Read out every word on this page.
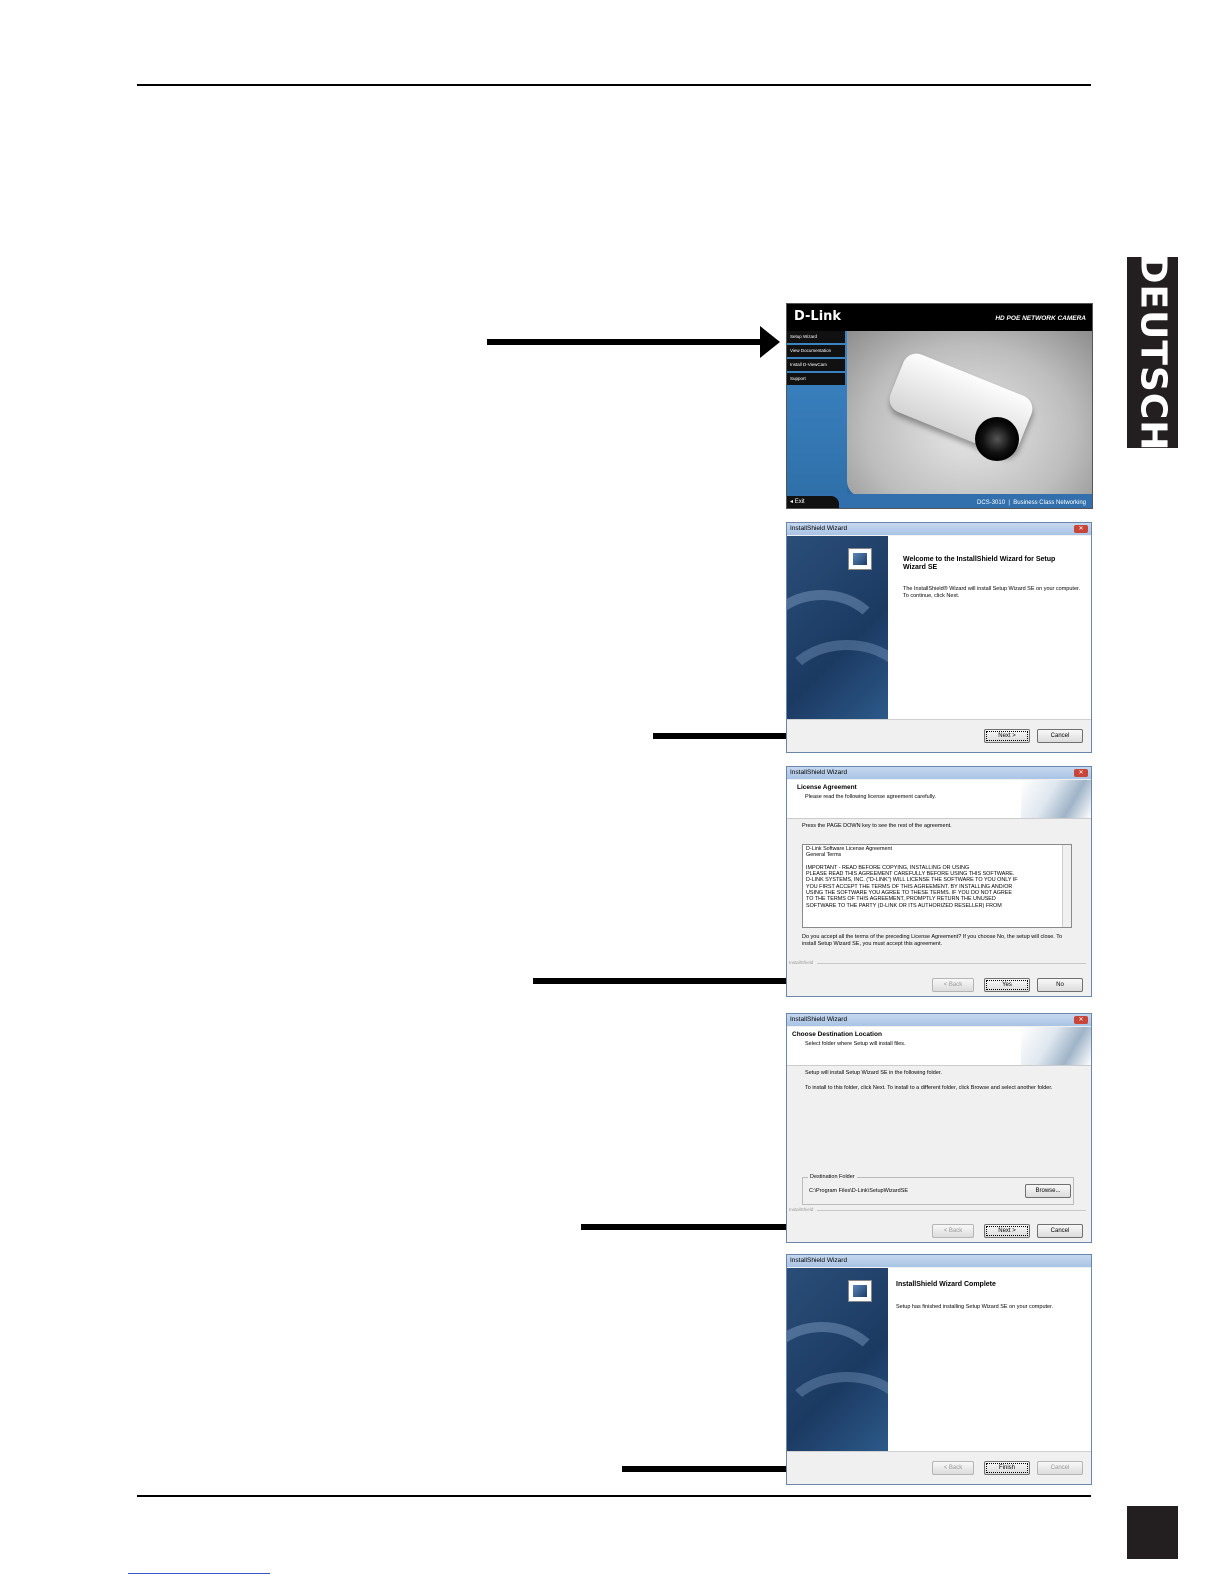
DEUTSCH
D-Link	HD POE NETWORK CAMERA
Setup Wizard
View Documentation
Install D-ViewCam
Support
◂ Exit	DCS-3010  |  Business Class Networking
InstallShield Wizard	✕
Welcome to the InstallShield Wizard for Setup Wizard SE
The InstallShield® Wizard will install Setup Wizard SE on your computer. To continue, click Next.
Next >	Cancel
InstallShield Wizard	✕
License Agreement
Please read the following license agreement carefully.
Press the PAGE DOWN key to see the rest of the agreement.
D-Link Software License Agreement
General Terms

IMPORTANT - READ BEFORE COPYING, INSTALLING OR USING
PLEASE READ THIS AGREEMENT CAREFULLY BEFORE USING THIS SOFTWARE.
D-LINK SYSTEMS, INC. ("D-LINK") WILL LICENSE THE SOFTWARE TO YOU ONLY IF
YOU FIRST ACCEPT THE TERMS OF THIS AGREEMENT. BY INSTALLING AND/OR
USING THE SOFTWARE YOU AGREE TO THESE TERMS. IF YOU DO NOT AGREE
TO THE TERMS OF THIS AGREEMENT, PROMPTLY RETURN THE UNUSED
SOFTWARE TO THE PARTY (D-LINK OR ITS AUTHORIZED RESELLER) FROM
Do you accept all the terms of the preceding License Agreement? If you choose No, the setup will close. To install Setup Wizard SE, you must accept this agreement.
InstallShield
< Back	Yes	No
InstallShield Wizard	✕
Choose Destination Location
Select folder where Setup will install files.
Setup will install Setup Wizard SE in the following folder.
To install to this folder, click Next. To install to a different folder, click Browse and select another folder.
Destination Folder
C:\Program Files\D-Link\SetupWizardSE	Browse...
InstallShield
< Back	Next >	Cancel
InstallShield Wizard
InstallShield Wizard Complete
Setup has finished installing Setup Wizard SE on your computer.
< Back	Finish	Cancel
